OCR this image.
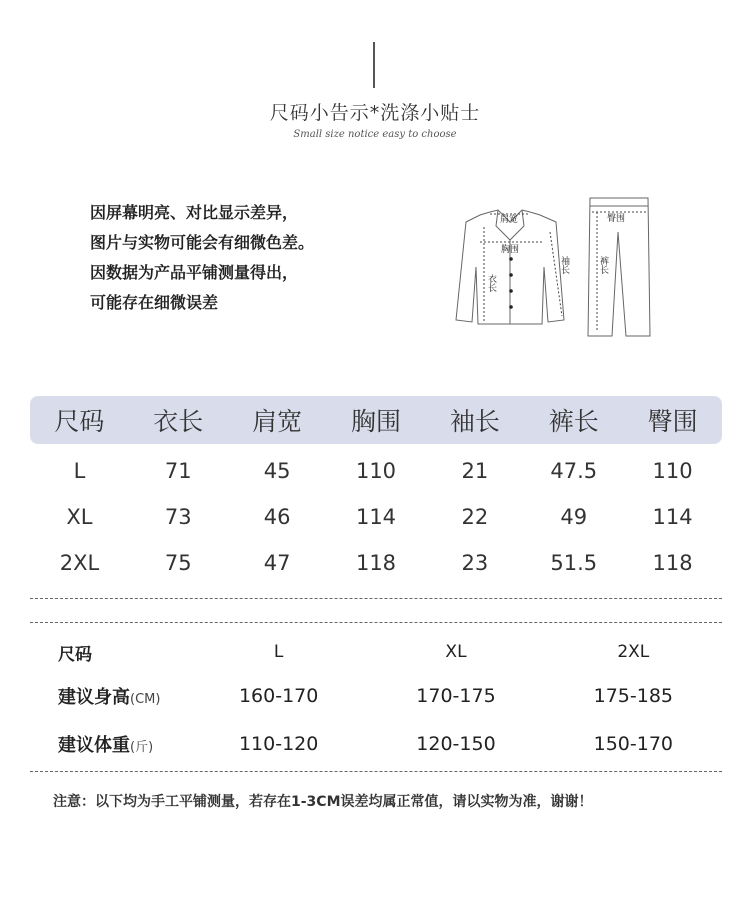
尺码小告示*洗涤小贴士
Small size notice easy to choose
因屏幕明亮、对比显示差异，
图片与实物可能会有细微色差。
因数据为产品平铺测量得出，
可能存在细微误差
肩宽
胸围
衣长
袖长
臀围
裤长
尺码	衣长	肩宽	胸围	袖长	裤长	臀围
L	71	45	110	21	47.5	110
XL	73	46	114	22	49	114
2XL	75	47	118	23	51.5	118
尺码	L	XL	2XL
建议身高(CM)	160-170	170-175	175-185
建议体重(斤)	110-120	120-150	150-170
注意：以下均为手工平铺测量，若存在1-3CM误差均属正常值，请以实物为准，谢谢！
